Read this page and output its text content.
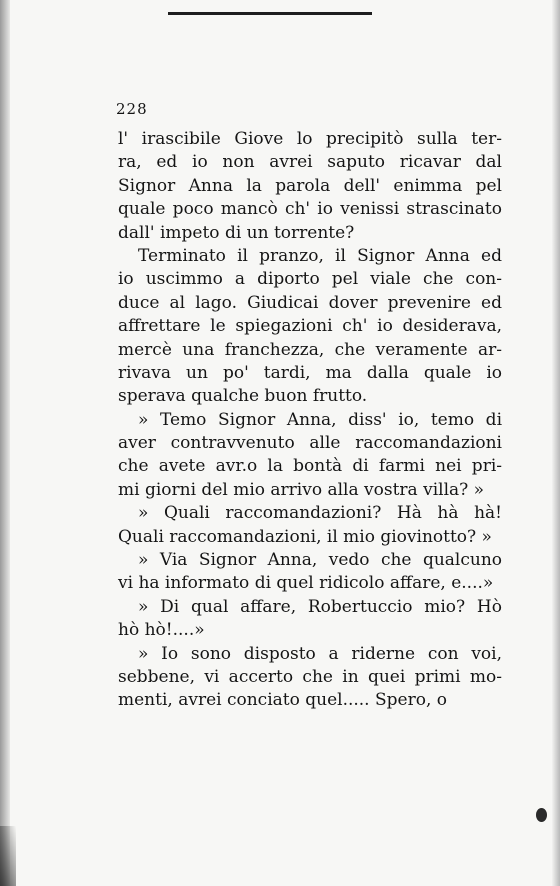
228
l' irascibile Giove lo precipitò sulla ter-
ra, ed io non avrei saputo ricavar dal
Signor Anna la parola dell' enimma pel
quale poco mancò ch' io venissi strascinato
dall' impeto di un torrente?
Terminato il pranzo, il Signor Anna ed
io uscimmo a diporto pel viale che con-
duce al lago. Giudicai dover prevenire ed
affrettare le spiegazioni ch' io desiderava,
mercè una franchezza, che veramente ar-
rivava un po' tardi, ma dalla quale io
sperava qualche buon frutto.
» Temo Signor Anna, diss' io, temo di
aver contravvenuto alle raccomandazioni
che avete avr.o la bontà di farmi nei pri-
mi giorni del mio arrivo alla vostra villa? »
» Quali raccomandazioni? Hà hà hà!
Quali raccomandazioni, il mio giovinotto? »
» Via Signor Anna, vedo che qualcuno
vi ha informato di quel ridicolo affare, e....»
» Di qual affare, Robertuccio mio? Hò
hò hò!....»
» Io sono disposto a riderne con voi,
sebbene, vi accerto che in quei primi mo-
menti, avrei conciato quel..... Spero, o
